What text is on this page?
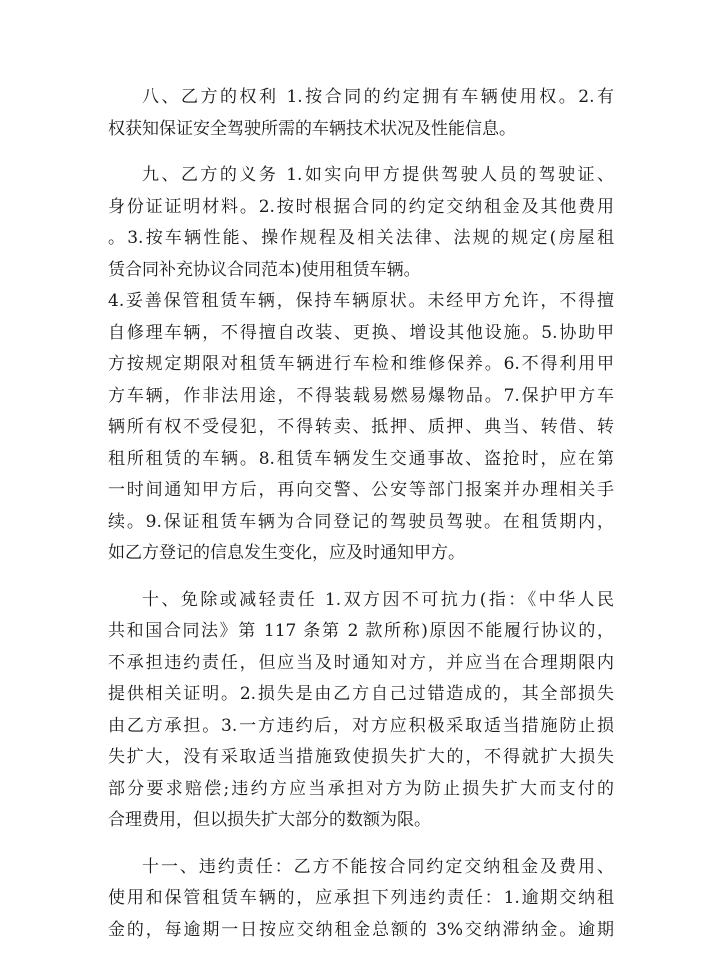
八、乙方的权利 1.按合同的约定拥有车辆使用权。2.有
权获知保证安全驾驶所需的车辆技术状况及性能信息。
九、乙方的义务 1.如实向甲方提供驾驶人员的驾驶证、
身份证证明材料。2.按时根据合同的约定交纳租金及其他费用
。3.按车辆性能、操作规程及相关法律、法规的规定(房屋租
赁合同补充协议合同范本)使用租赁车辆。
4.妥善保管租赁车辆，保持车辆原状。未经甲方允许，不得擅
自修理车辆，不得擅自改装、更换、增设其他设施。5.协助甲
方按规定期限对租赁车辆进行车检和维修保养。6.不得利用甲
方车辆，作非法用途，不得装载易燃易爆物品。7.保护甲方车
辆所有权不受侵犯，不得转卖、抵押、质押、典当、转借、转
租所租赁的车辆。8.租赁车辆发生交通事故、盗抢时，应在第
一时间通知甲方后，再向交警、公安等部门报案并办理相关手
续。9.保证租赁车辆为合同登记的驾驶员驾驶。在租赁期内，
如乙方登记的信息发生变化，应及时通知甲方。
十、免除或减轻责任 1.双方因不可抗力(指：《中华人民
共和国合同法》第 117 条第 2 款所称)原因不能履行协议的，
不承担违约责任，但应当及时通知对方，并应当在合理期限内
提供相关证明。2.损失是由乙方自己过错造成的，其全部损失
由乙方承担。3.一方违约后，对方应积极采取适当措施防止损
失扩大，没有采取适当措施致使损失扩大的，不得就扩大损失
部分要求赔偿;违约方应当承担对方为防止损失扩大而支付的
合理费用，但以损失扩大部分的数额为限。
十一、违约责任：乙方不能按合同约定交纳租金及费用、
使用和保管租赁车辆的，应承担下列违约责任：1.逾期交纳租
金的，每逾期一日按应交纳租金总额的 3%交纳滞纳金。逾期
